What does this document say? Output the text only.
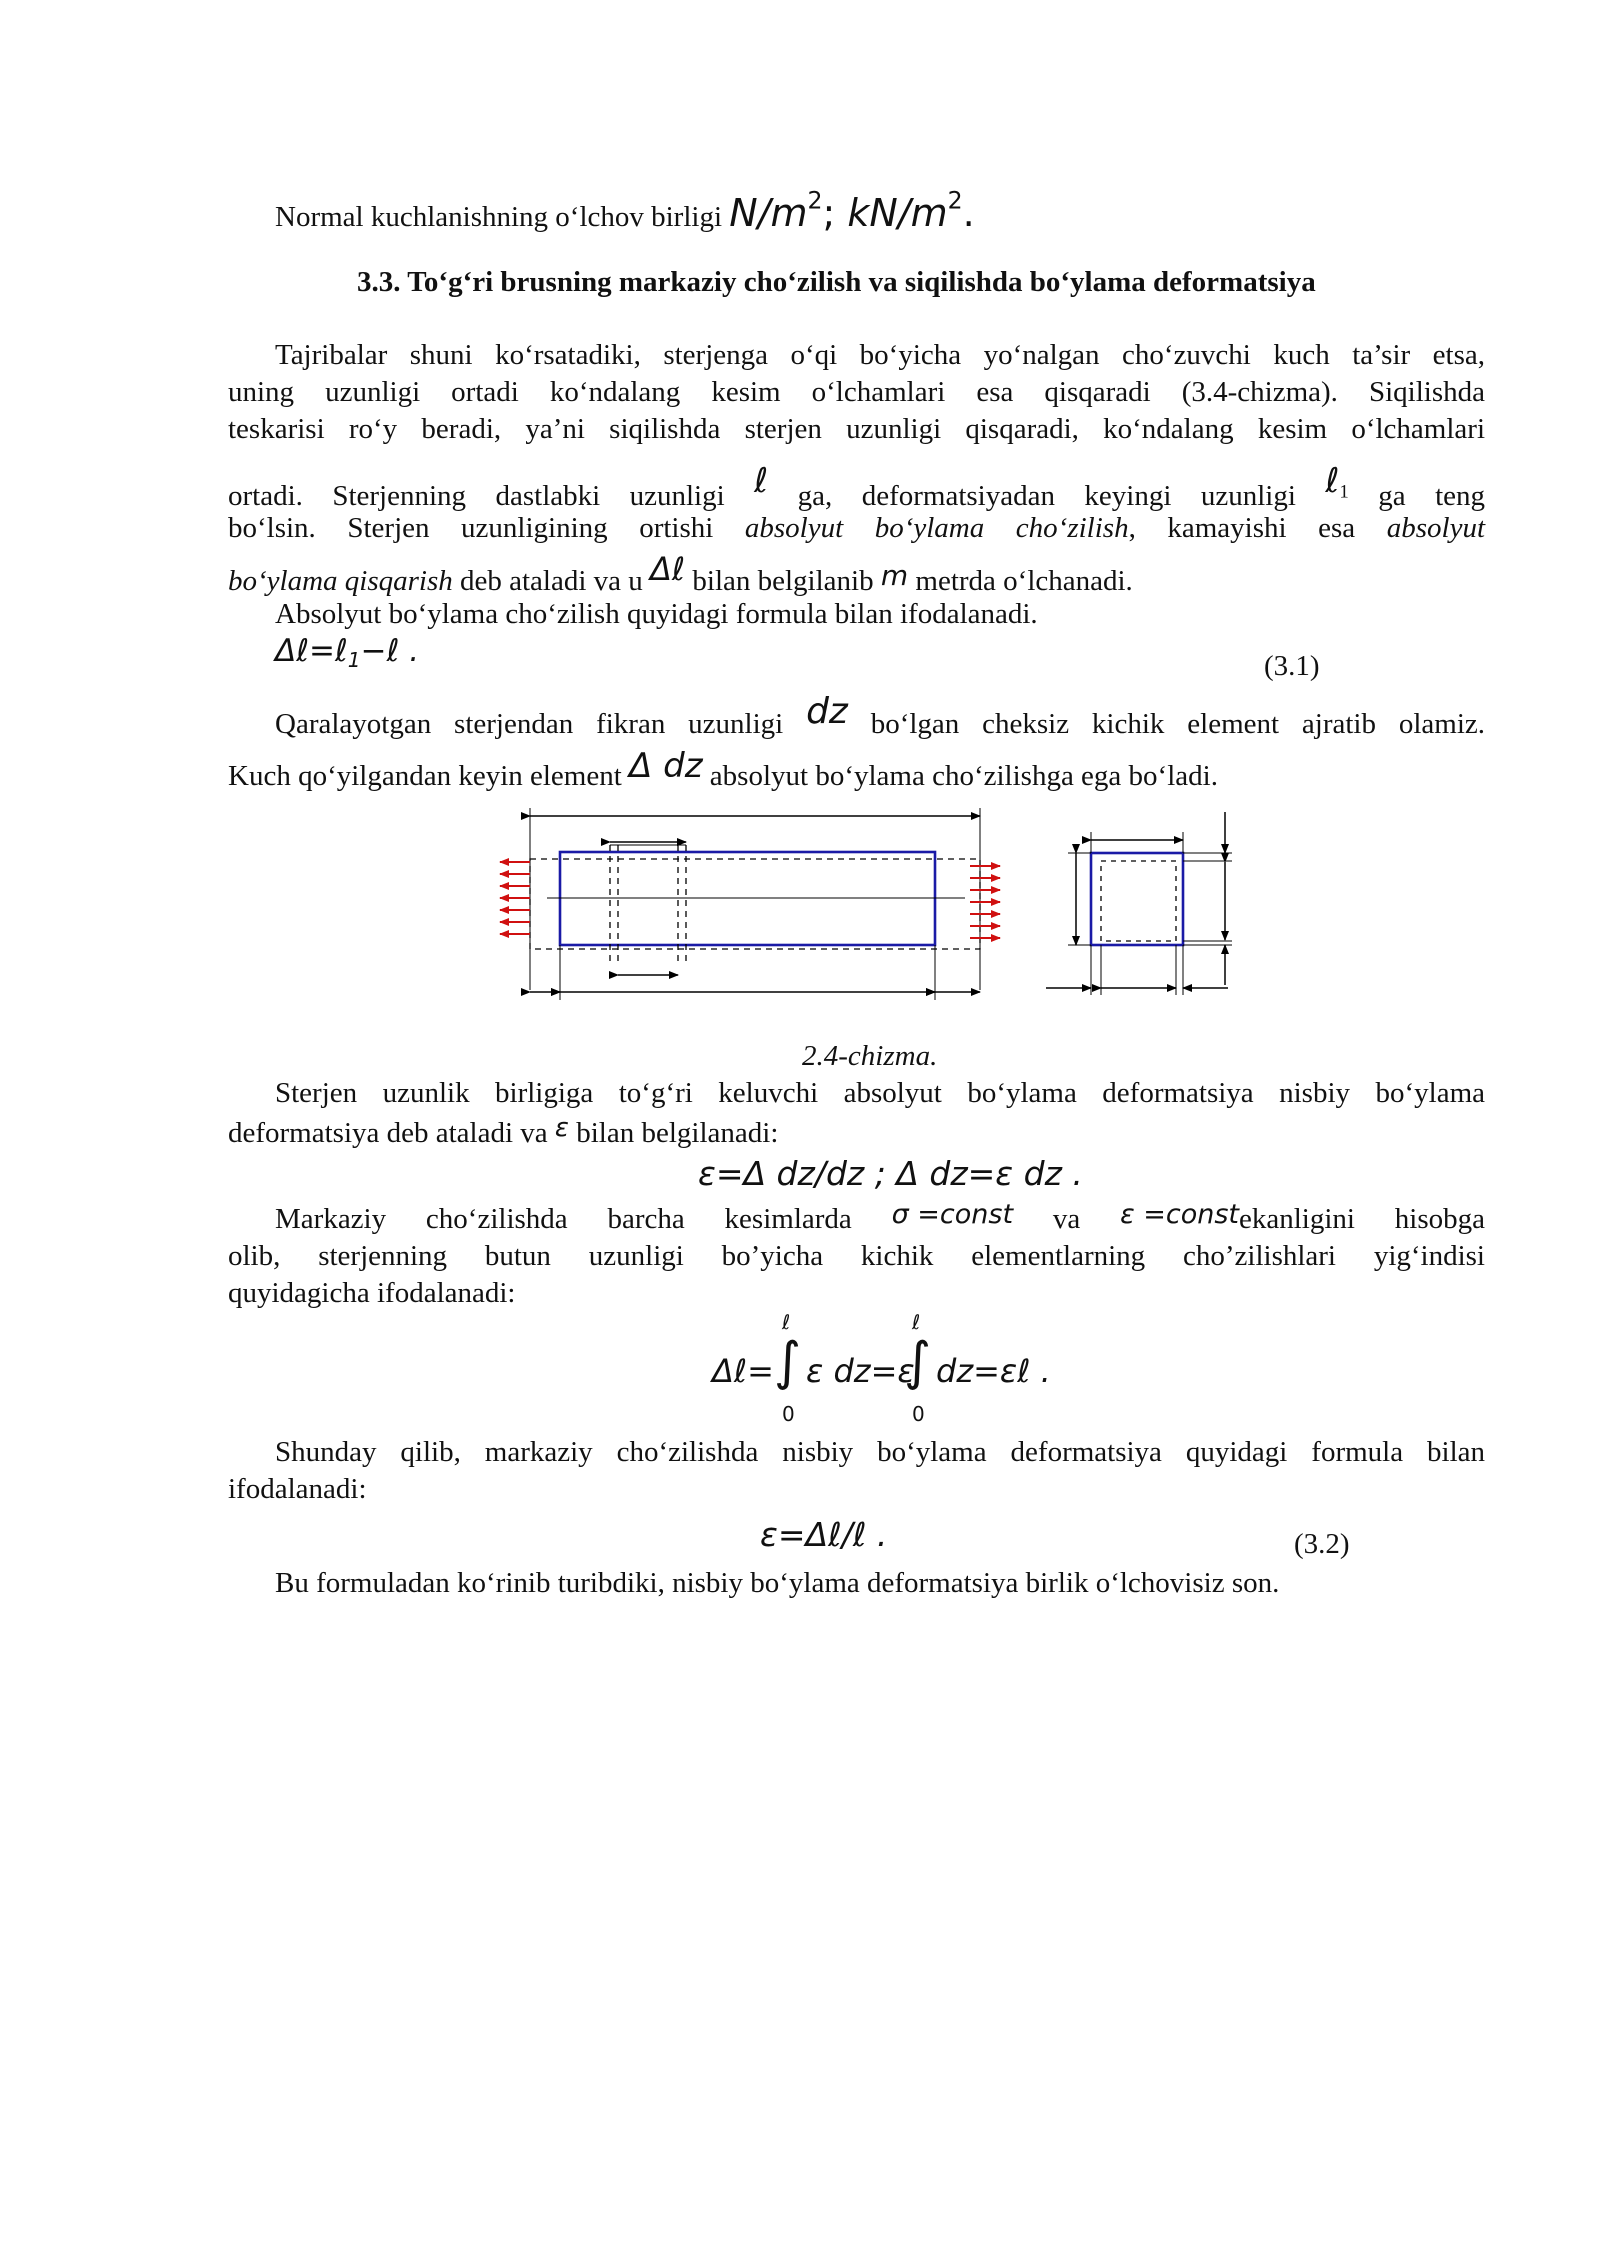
Normal kuchlanishning o‘lchov birligi $N/m^2$; $kN/m^2$.
3.3. To‘g‘ri brusning markaziy cho‘zilish va siqilishda bo‘ylama deformatsiya
Tajribalar shuni ko‘rsatadiki, sterjenga o‘qi bo‘yicha yo‘nalgan cho‘zuvchi kuch ta’sir etsa,
uning uzunligi ortadi ko‘ndalang kesim o‘lchamlari esa qisqaradi (3.4-chizma). Siqilishda
teskarisi ro‘y beradi, ya’ni siqilishda sterjen uzunligi qisqaradi, ko‘ndalang kesim o‘lchamlari
ortadi. Sterjenning dastlabki uzunligi ℓ ga, deformatsiyadan keyingi uzunligi ℓ$_1$ ga teng
bo‘lsin. Sterjen uzunligining ortishi absolyut bo‘ylama cho‘zilish, kamayishi esa absolyut
bo‘ylama qisqarish deb ataladi va u Δℓ bilan belgilanib m metrda o‘lchanadi.
Absolyut bo‘ylama cho‘zilish quyidagi formula bilan ifodalanadi.
Δℓ=ℓ$_1$−ℓ .	(3.1)
Qaralayotgan sterjendan fikran uzunligi dz bo‘lgan cheksiz kichik element ajratib olamiz.
Kuch qo‘yilgandan keyin element Δ dz absolyut bo‘ylama cho‘zilishga ega bo‘ladi.
2.4-chizma.
Sterjen uzunlik birligiga to‘g‘ri keluvchi absolyut bo‘ylama deformatsiya nisbiy bo‘ylama
deformatsiya deb ataladi va ε bilan belgilanadi:
ε=Δ dz/dz ; Δ dz=ε dz .
Markaziy cho‘zilishda barcha kesimlarda σ =const va ε =constekanligini hisobga
olib, sterjenning butun uzunligi bo’yicha kichik elementlarning cho’zilishlari yig‘indisi
quyidagicha ifodalanadi:
Δℓ=
ℓ
∫
0
ε dz=ε
ℓ
∫
0
dz=εℓ .
Shunday qilib, markaziy cho‘zilishda nisbiy bo‘ylama deformatsiya quyidagi formula bilan
ifodalanadi:
ε=Δℓ/ℓ .	(3.2)
Bu formuladan ko‘rinib turibdiki, nisbiy bo‘ylama deformatsiya birlik o‘lchovisiz son.
